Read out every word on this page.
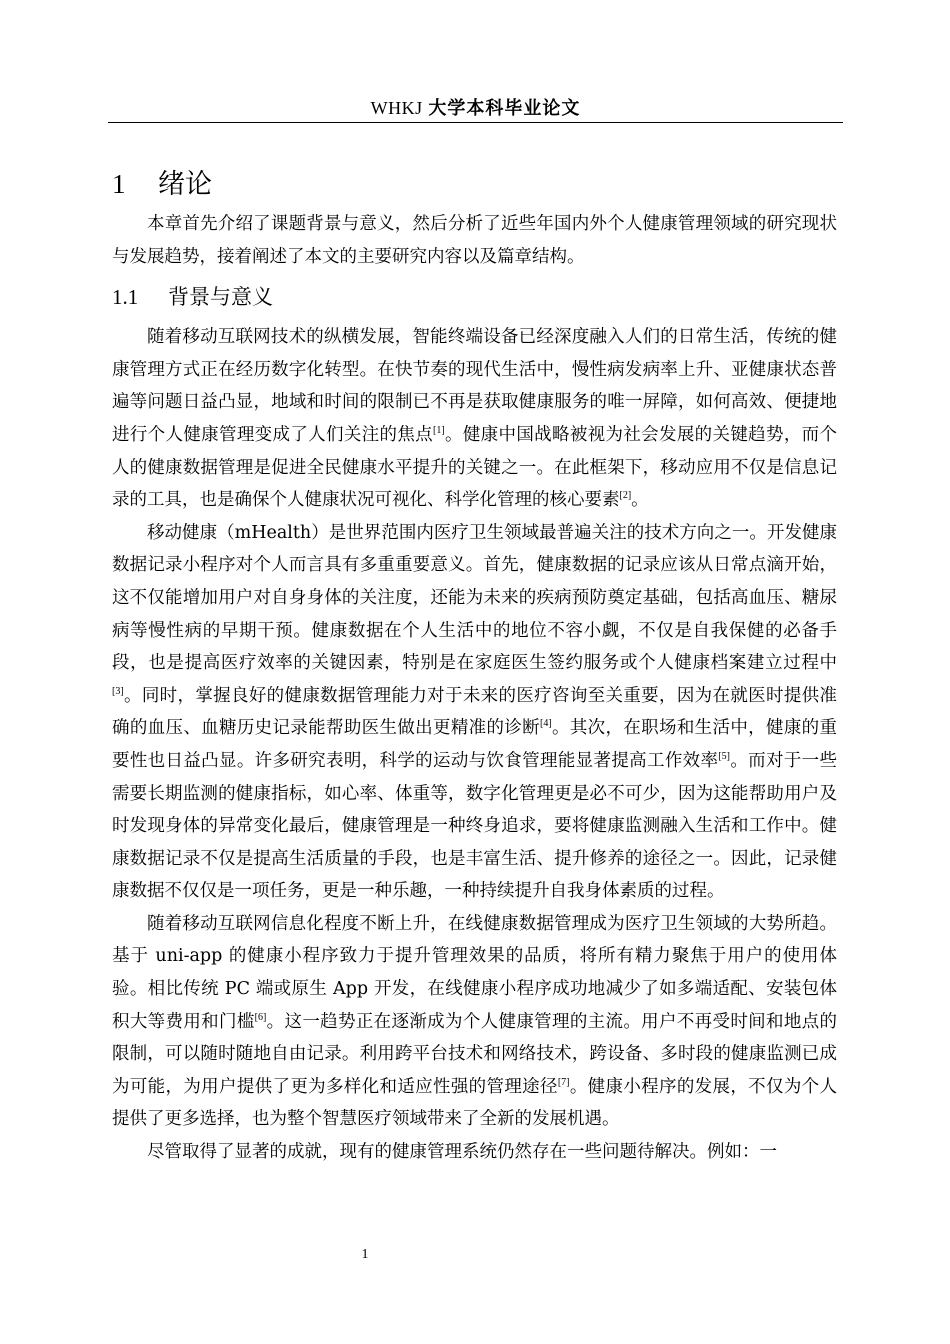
WHKJ 大学本科毕业论文
1 绪论

本章首先介绍了课题背景与意义，然后分析了近些年国内外个人健康管理领域的研究现状与发展趋势，接着阐述了本文的主要研究内容以及篇章结构。

1.1 背景与意义

随着移动互联网技术的纵横发展，智能终端设备已经深度融入人们的日常生活，传统的健康管理方式正在经历数字化转型。在快节奏的现代生活中，慢性病发病率上升、亚健康状态普遍等问题日益凸显，地域和时间的限制已不再是获取健康服务的唯一屏障，如何高效、便捷地进行个人健康管理变成了人们关注的焦点[1]。健康中国战略被视为社会发展的关键趋势，而个人的健康数据管理是促进全民健康水平提升的关键之一。在此框架下，移动应用不仅是信息记录的工具，也是确保个人健康状况可视化、科学化管理的核心要素[2]。

移动健康（mHealth）是世界范围内医疗卫生领域最普遍关注的技术方向之一。开发健康数据记录小程序对个人而言具有多重重要意义。首先，健康数据的记录应该从日常点滴开始，这不仅能增加用户对自身身体的关注度，还能为未来的疾病预防奠定基础，包括高血压、糖尿病等慢性病的早期干预。健康数据在个人生活中的地位不容小觑，不仅是自我保健的必备手段，也是提高医疗效率的关键因素，特别是在家庭医生签约服务或个人健康档案建立过程中[3]。同时，掌握良好的健康数据管理能力对于未来的医疗咨询至关重要，因为在就医时提供准确的血压、血糖历史记录能帮助医生做出更精准的诊断[4]。其次，在职场和生活中，健康的重要性也日益凸显。许多研究表明，科学的运动与饮食管理能显著提高工作效率[5]。而对于一些需要长期监测的健康指标，如心率、体重等，数字化管理更是必不可少，因为这能帮助用户及时发现身体的异常变化最后，健康管理是一种终身追求，要将健康监测融入生活和工作中。健康数据记录不仅是提高生活质量的手段，也是丰富生活、提升修养的途径之一。因此，记录健康数据不仅仅是一项任务，更是一种乐趣，一种持续提升自我身体素质的过程。

随着移动互联网信息化程度不断上升，在线健康数据管理成为医疗卫生领域的大势所趋。基于 uni-app 的健康小程序致力于提升管理效果的品质，将所有精力聚焦于用户的使用体验。相比传统 PC 端或原生 App 开发，在线健康小程序成功地减少了如多端适配、安装包体积大等费用和门槛[6]。这一趋势正在逐渐成为个人健康管理的主流。用户不再受时间和地点的限制，可以随时随地自由记录。利用跨平台技术和网络技术，跨设备、多时段的健康监测已成为可能，为用户提供了更为多样化和适应性强的管理途径[7]。健康小程序的发展，不仅为个人提供了更多选择，也为整个智慧医疗领域带来了全新的发展机遇。

尽管取得了显著的成就，现有的健康管理系统仍然存在一些问题待解决。例如：一

1
